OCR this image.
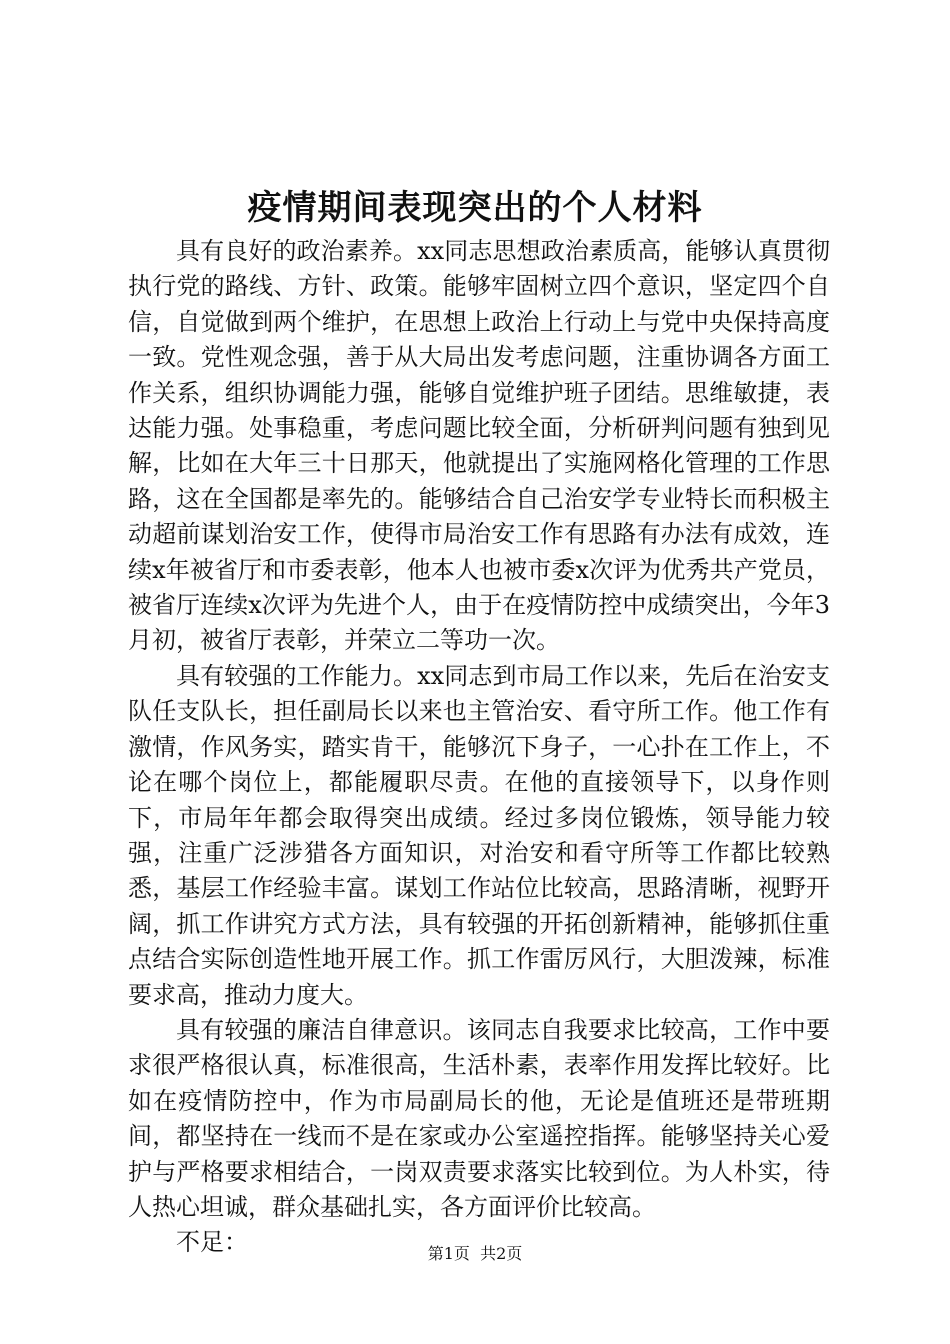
疫情期间表现突出的个人材料

具有良好的政治素养。xx同志思想政治素质高，能够认真贯彻执行党的路线、方针、政策。能够牢固树立四个意识，坚定四个自信，自觉做到两个维护，在思想上政治上行动上与党中央保持高度一致。党性观念强，善于从大局出发考虑问题，注重协调各方面工作关系，组织协调能力强，能够自觉维护班子团结。思维敏捷，表达能力强。处事稳重，考虑问题比较全面，分析研判问题有独到见解，比如在大年三十日那天，他就提出了实施网格化管理的工作思路，这在全国都是率先的。能够结合自己治安学专业特长而积极主动超前谋划治安工作，使得市局治安工作有思路有办法有成效，连续x年被省厅和市委表彰，他本人也被市委x次评为优秀共产党员，被省厅连续x次评为先进个人，由于在疫情防控中成绩突出，今年3月初，被省厅表彰，并荣立二等功一次。

具有较强的工作能力。xx同志到市局工作以来，先后在治安支队任支队长，担任副局长以来也主管治安、看守所工作。他工作有激情，作风务实，踏实肯干，能够沉下身子，一心扑在工作上，不论在哪个岗位上，都能履职尽责。在他的直接领导下，以身作则下，市局年年都会取得突出成绩。经过多岗位锻炼，领导能力较强，注重广泛涉猎各方面知识，对治安和看守所等工作都比较熟悉，基层工作经验丰富。谋划工作站位比较高，思路清晰，视野开阔，抓工作讲究方式方法，具有较强的开拓创新精神，能够抓住重点结合实际创造性地开展工作。抓工作雷厉风行，大胆泼辣，标准要求高，推动力度大。

具有较强的廉洁自律意识。该同志自我要求比较高，工作中要求很严格很认真，标准很高，生活朴素，表率作用发挥比较好。比如在疫情防控中，作为市局副局长的他，无论是值班还是带班期间，都坚持在一线而不是在家或办公室遥控指挥。能够坚持关心爱护与严格要求相结合，一岗双责要求落实比较到位。为人朴实，待人热心坦诚，群众基础扎实，各方面评价比较高。

不足：	第1页 共2页
